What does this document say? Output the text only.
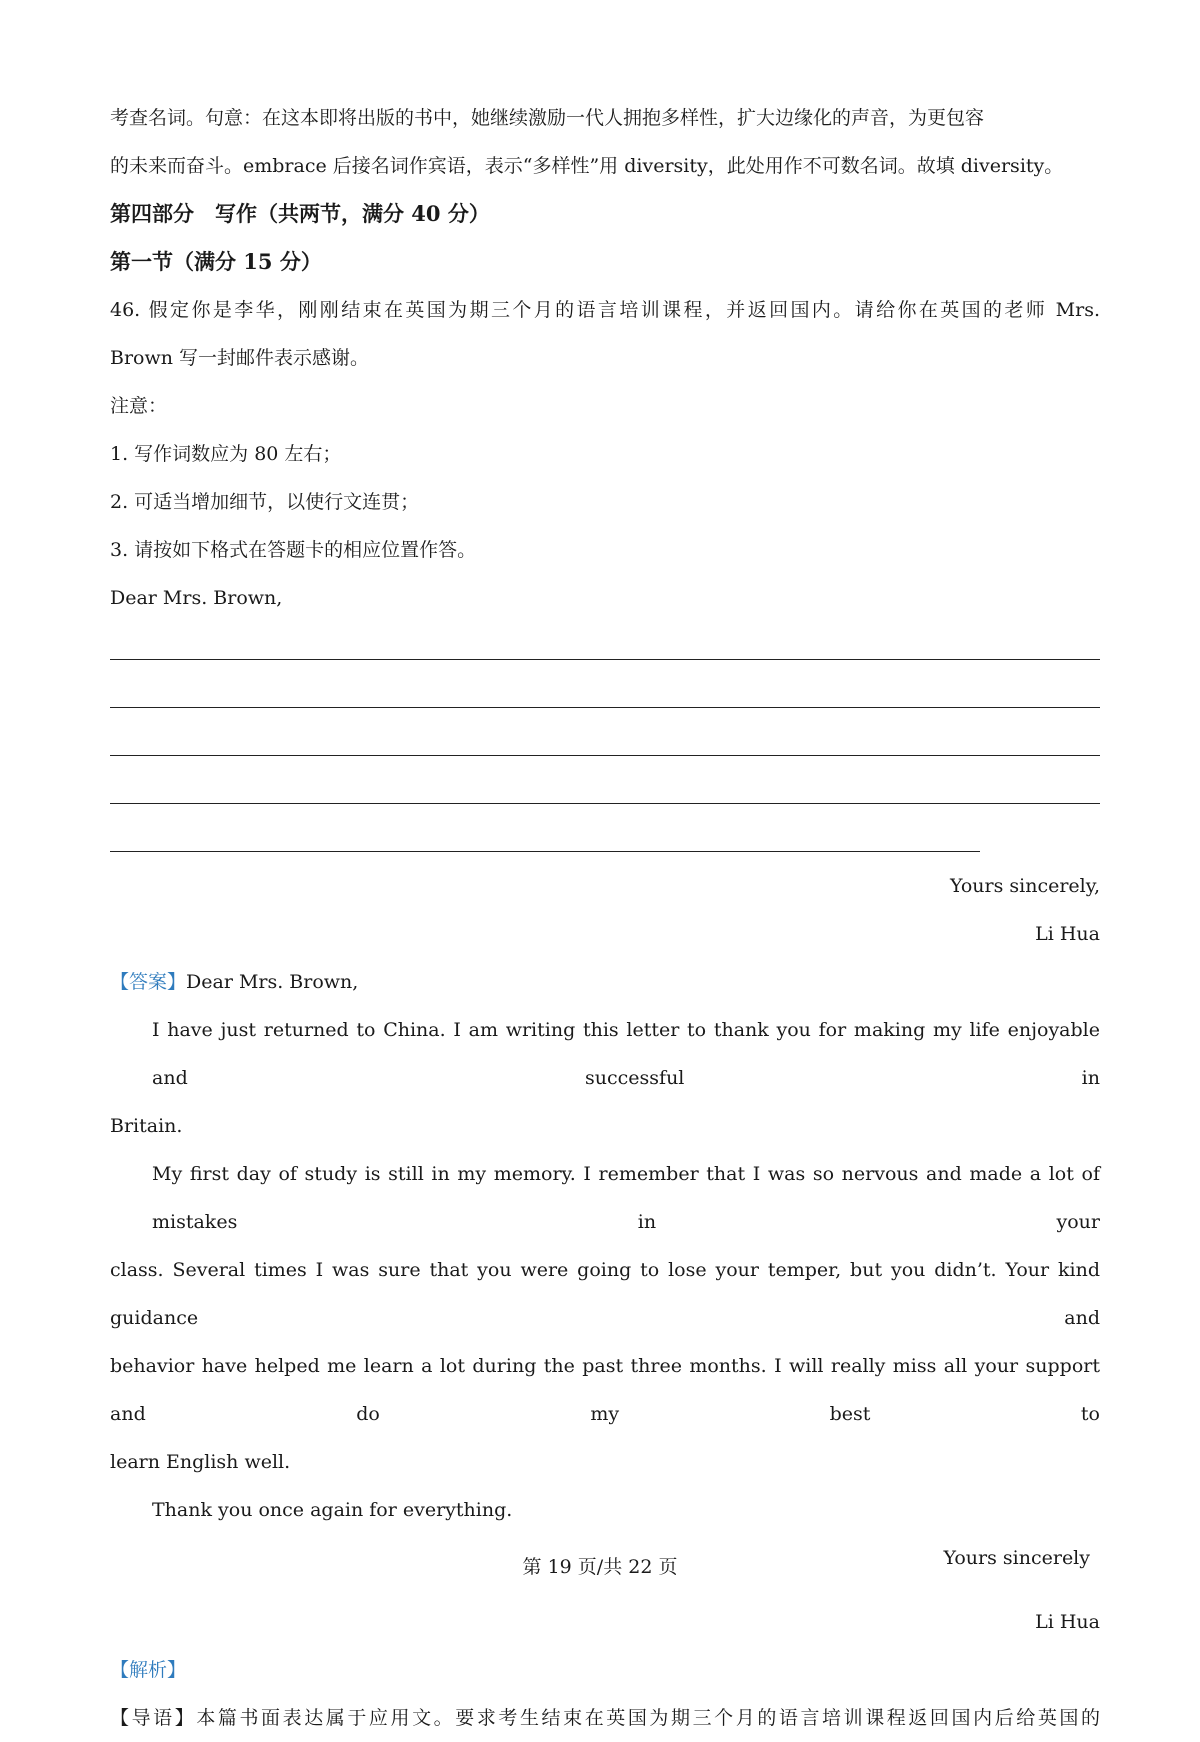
考查名词。句意：在这本即将出版的书中，她继续激励一代人拥抱多样性，扩大边缘化的声音，为更包容

的未来而奋斗。embrace 后接名词作宾语，表示“多样性”用 diversity，此处用作不可数名词。故填 diversity。

第四部分　写作（共两节，满分 40 分）

第一节（满分 15 分）

46. 假定你是李华，刚刚结束在英国为期三个月的语言培训课程，并返回国内。请给你在英国的老师 Mrs.

Brown 写一封邮件表示感谢。

注意：

1. 写作词数应为 80 左右；

2. 可适当增加细节，以使行文连贯；

3. 请按如下格式在答题卡的相应位置作答。

Dear Mrs. Brown,

Yours sincerely,

Li Hua

【答案】Dear Mrs. Brown,

I have just returned to China. I am writing this letter to thank you for making my life enjoyable and successful in

Britain.

My first day of study is still in my memory. I remember that I was so nervous and made a lot of mistakes in your

class. Several times I was sure that you were going to lose your temper, but you didn’t. Your kind guidance and

behavior have helped me learn a lot during the past three months. I will really miss all your support and do my best to

learn English well.

Thank you once again for everything.

Yours sincerely

Li Hua

【解析】

【导语】本篇书面表达属于应用文。要求考生结束在英国为期三个月的语言培训课程返回国内后给英国的

第 19 页/共 22 页
